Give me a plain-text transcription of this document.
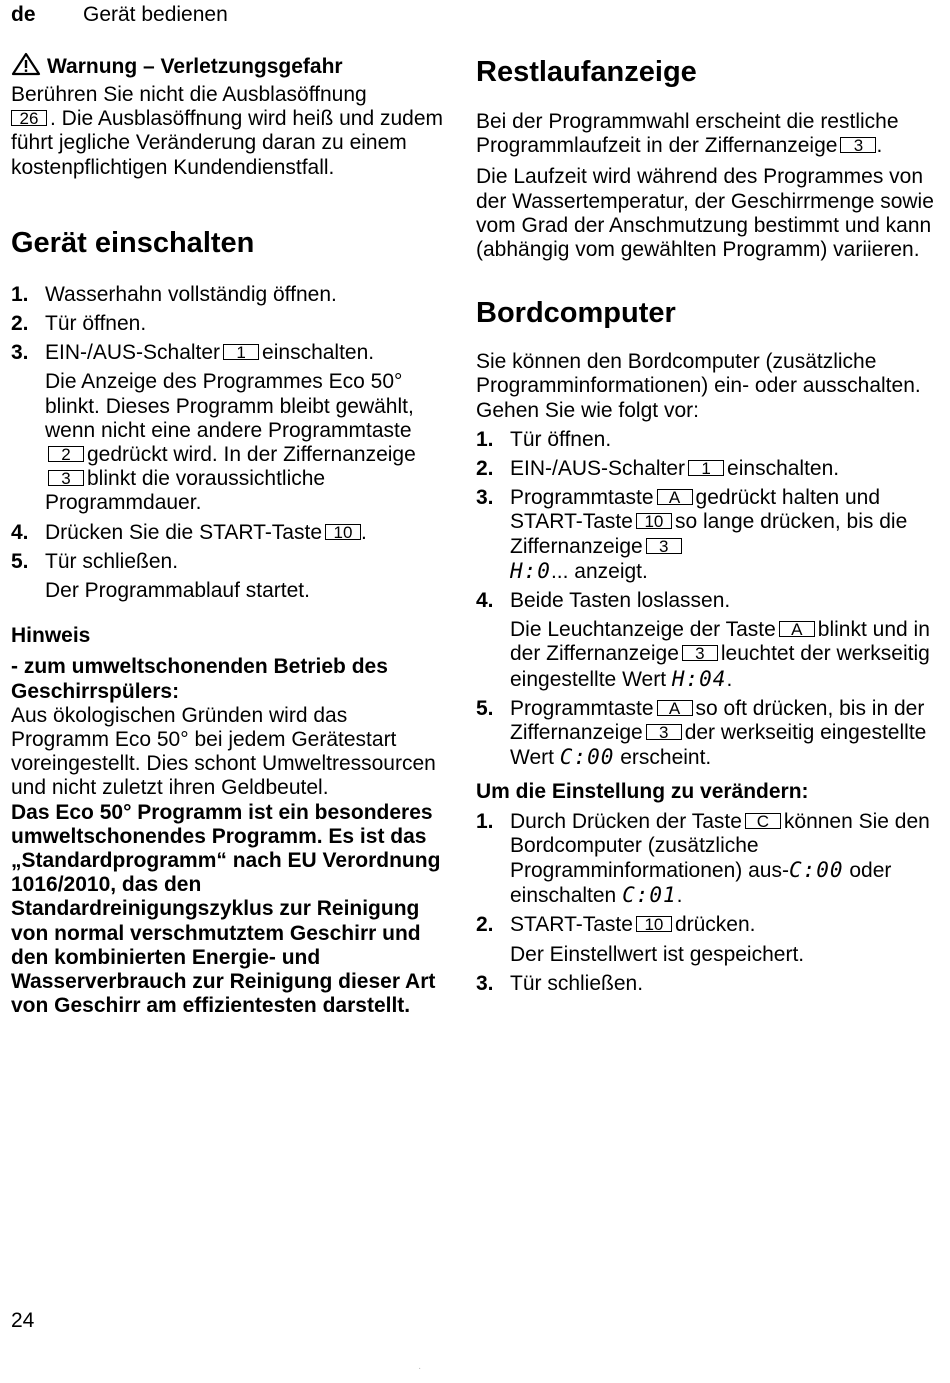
de Gerät bedienen
Warnung – Verletzungsgefahr

Berühren Sie nicht die Ausblasöffnung
26 . Die Ausblasöffnung wird heiß und zudem führt jegliche Veränderung daran zu einem kostenpflichtigen Kundendienstfall.

Gerät einschalten
1. Wasserhahn vollständig öffnen.
2. Tür öffnen.
3. EIN-/AUS-Schalter 1 einschalten.
Die Anzeige des Programmes Eco 50° blinkt. Dieses Programm bleibt gewählt, wenn nicht eine andere Programmtaste2 gedrückt wird. In der Ziffernanzeige3 blinkt die voraussichtliche Programmdauer.
4. Drücken Sie die START-Taste 10 .
5. Tür schließen.
Der Programmablauf startet.
Hinweis
- zum umweltschonenden Betrieb des Geschirrspülers:
Aus ökologischen Gründen wird das Programm Eco 50° bei jedem Gerätestart voreingestellt. Dies schont Umweltressourcen und nicht zuletzt ihren Geldbeutel.
Das Eco 50° Programm ist ein besonderes umweltschonendes Programm. Es ist das „Standardprogramm“ nach EU Verordnung 1016/2010, das den Standardreinigungszyklus zur Reinigung von normal verschmutztem Geschirr und den kombinierten Energie- und Wasserverbrauch zur Reinigung dieser Art von Geschirr am effizientesten darstellt.
Restlaufanzeige

Bei der Programmwahl erscheint die restliche Programmlaufzeit in der Ziffernanzeige 3 .

Die Laufzeit wird während des Programmes von der Wassertemperatur, der Geschirrmenge sowie vom Grad der Anschmutzung bestimmt und kann (abhängig vom gewählten Programm) variieren.

Bordcomputer

Sie können den Bordcomputer (zusätzliche Programminformationen) ein- oder ausschalten. Gehen Sie wie folgt vor:

1. Tür öffnen.
2. EIN-/AUS-Schalter 1 einschalten.
3. Programmtaste A gedrückt halten und START-Taste 10 so lange drücken, bis die Ziffernanzeige 3
H:0... anzeigt.
4. Beide Tasten loslassen.
Die Leuchtanzeige der Taste A blinkt und in der Ziffernanzeige 3 leuchtet der werkseitig eingestellte Wert H:04.
5. Programmtaste A so oft drücken, bis in der Ziffernanzeige 3 der werkseitig eingestellte Wert C:00 erscheint.
Um die Einstellung zu verändern:
1. Durch Drücken der Taste C können Sie den Bordcomputer (zusätzliche Programminformationen) aus-C:00 oder einschalten C:01.
2. START-Taste 10 drücken.
Der Einstellwert ist gespeichert.
3. Tür schließen.
24
·
